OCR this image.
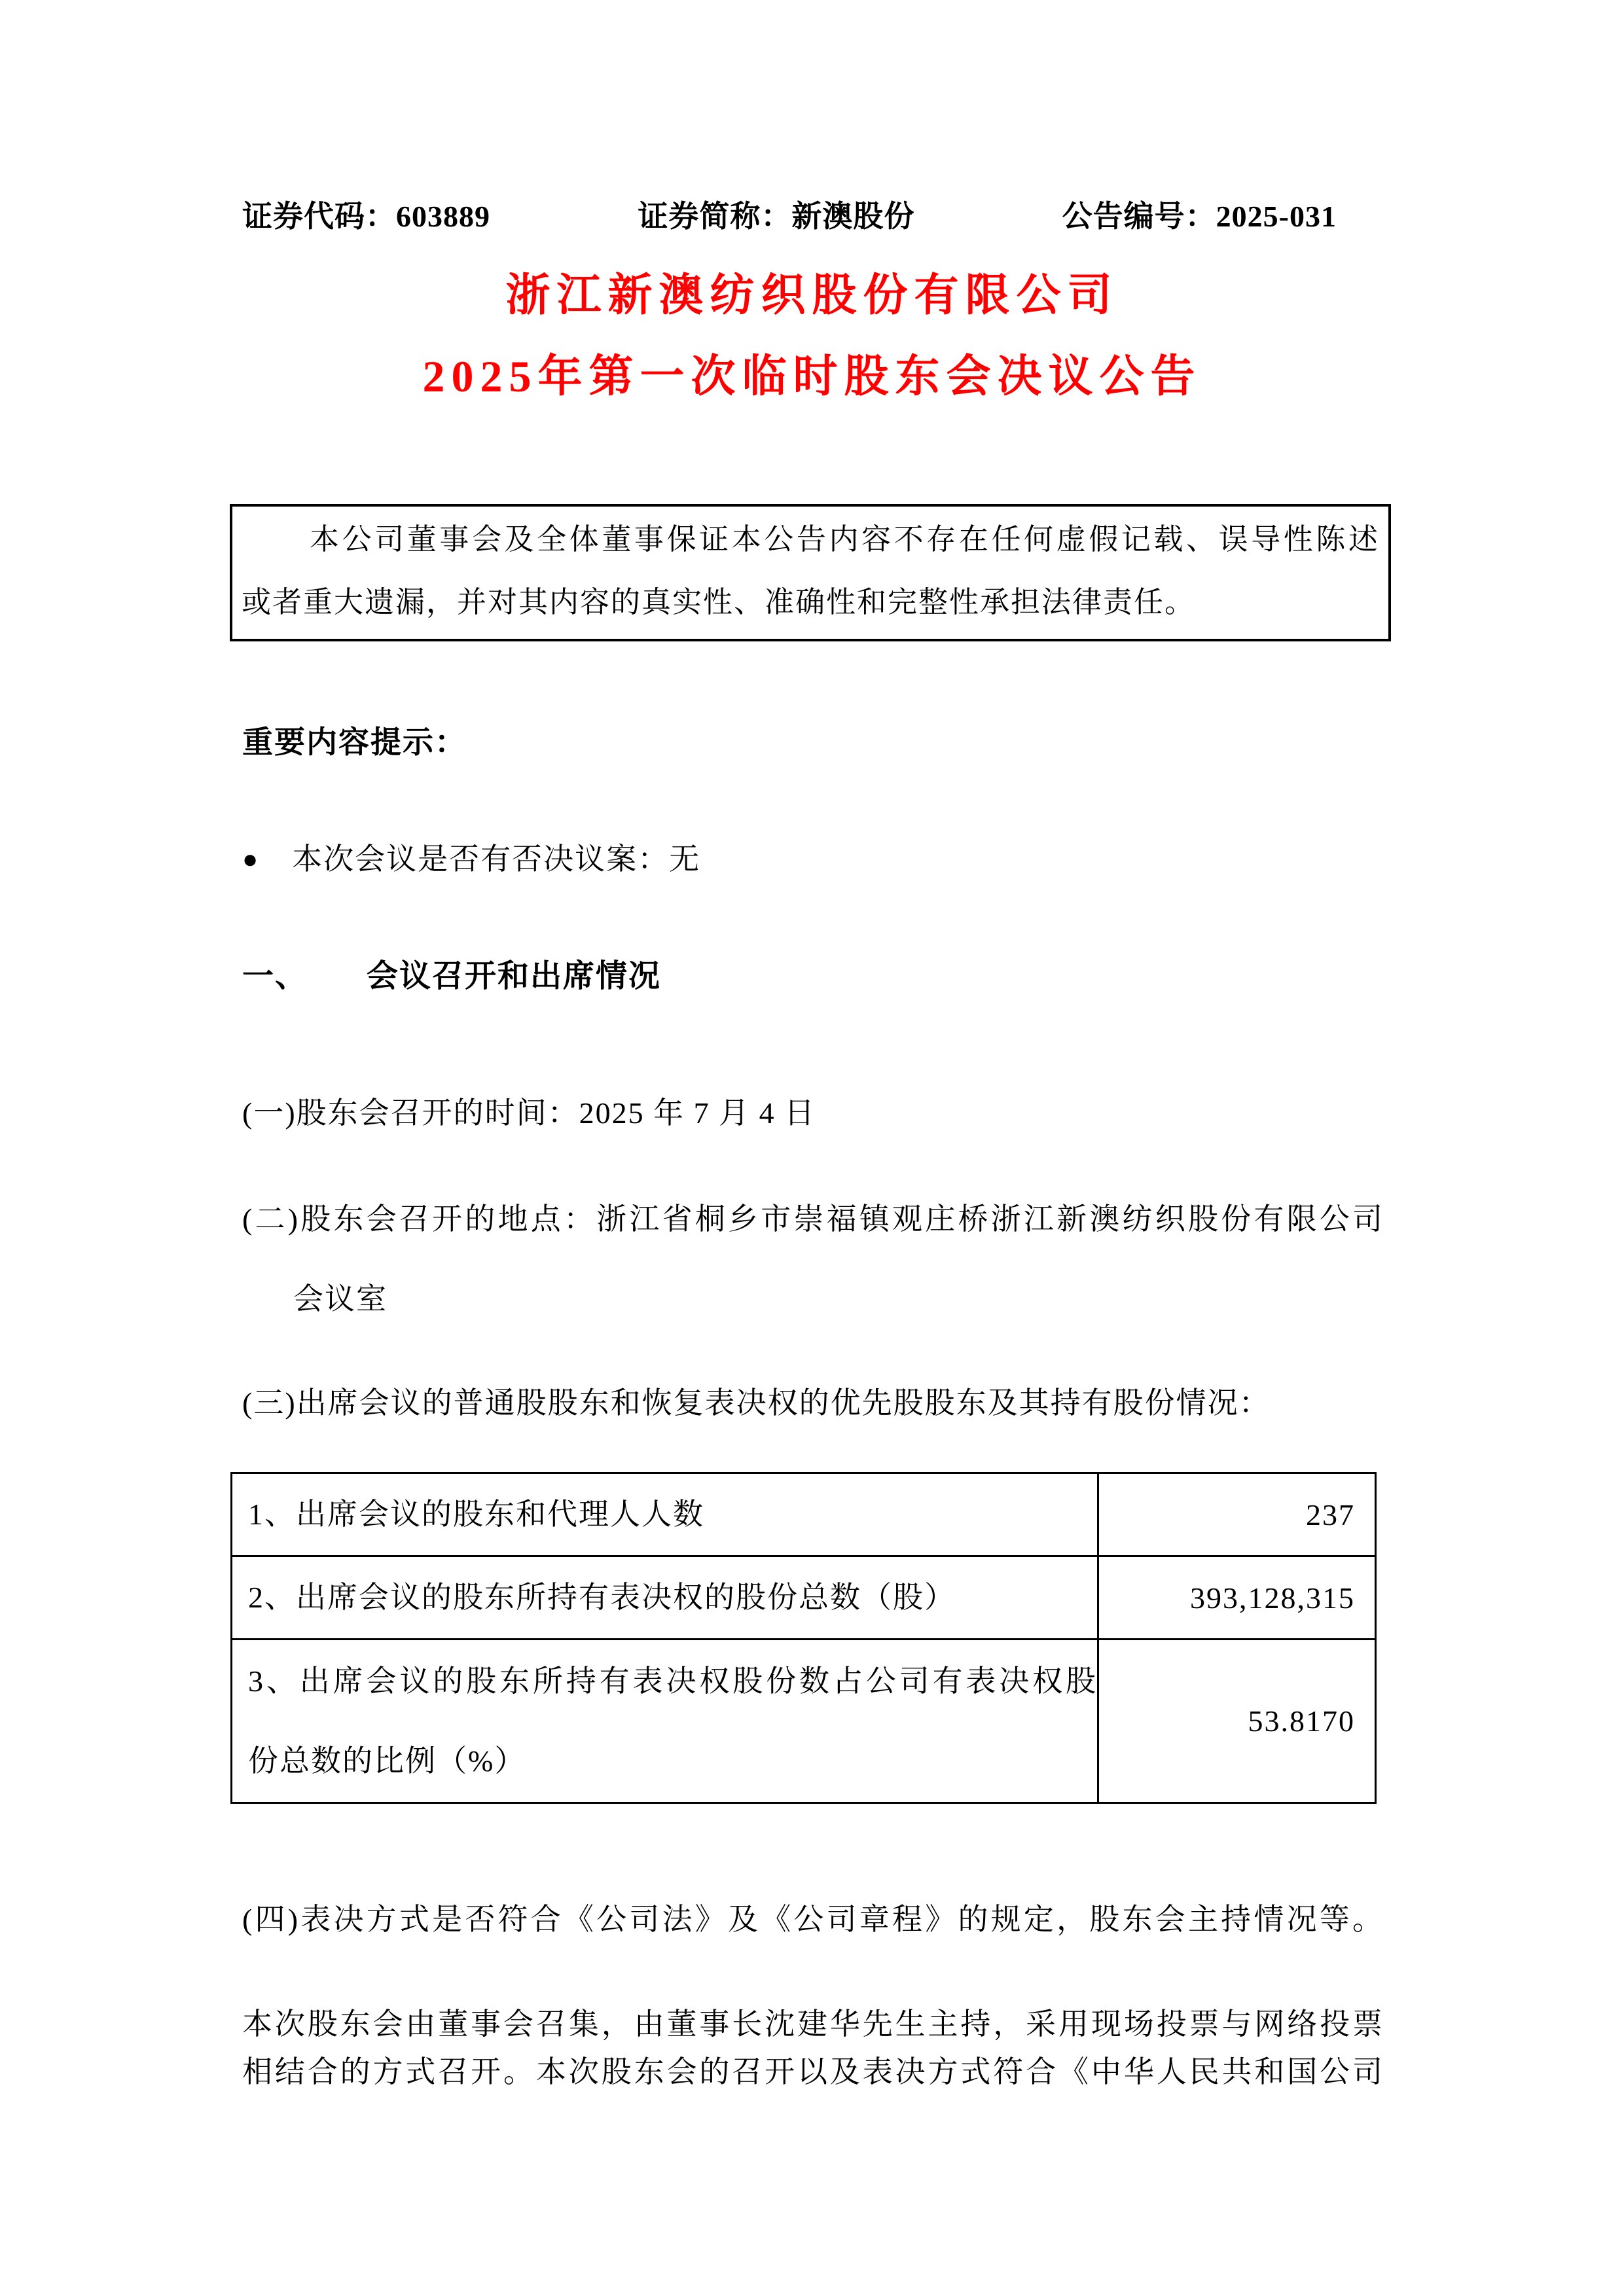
证券代码：603889	证券简称：新澳股份	公告编号：2025-031
浙江新澳纺织股份有限公司
2025年第一次临时股东会决议公告
本公司董事会及全体董事保证本公告内容不存在任何虚假记载、误导性陈述
或者重大遗漏，并对其内容的真实性、准确性和完整性承担法律责任。
重要内容提示：
● 本次会议是否有否决议案：无
一、 会议召开和出席情况
(一)股东会召开的时间：2025 年 7 月 4 日
(二)股东会召开的地点：浙江省桐乡市崇福镇观庄桥浙江新澳纺织股份有限公司
会议室
(三)出席会议的普通股股东和恢复表决权的优先股股东及其持有股份情况：
1、出席会议的股东和代理人人数	237

2、出席会议的股东所持有表决权的股份总数（股）	393,128,315

3、出席会议的股东所持有表决权股份数占公司有表决权股
份总数的比例（%）	53.8170
(四)表决方式是否符合《公司法》及《公司章程》的规定，股东会主持情况等。
本次股东会由董事会召集，由董事长沈建华先生主持，采用现场投票与网络投票
相结合的方式召开。本次股东会的召开以及表决方式符合《中华人民共和国公司
